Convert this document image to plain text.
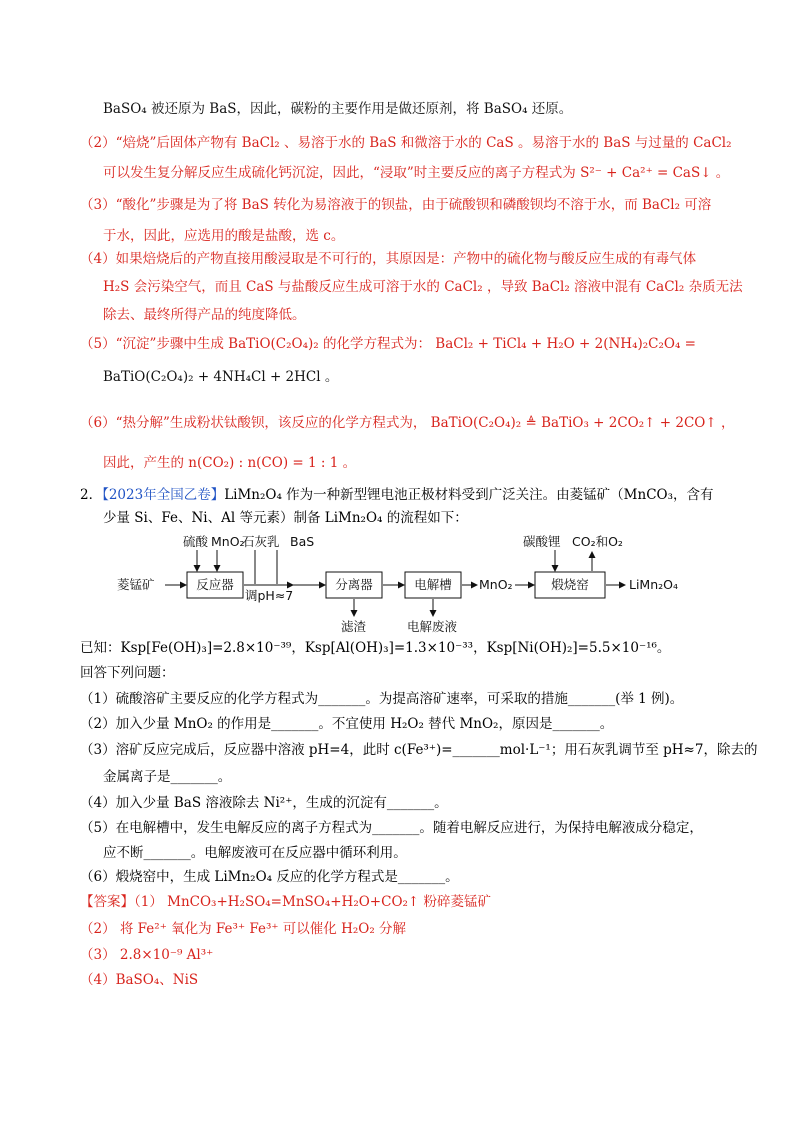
BaSO₄ 被还原为 BaS，因此，碳粉的主要作用是做还原剂，将 BaSO₄ 还原。
（2）“焙烧”后固体产物有 BaCl₂ 、易溶于水的 BaS 和微溶于水的 CaS 。易溶于水的 BaS 与过量的 CaCl₂
可以发生复分解反应生成硫化钙沉淀，因此，“浸取”时主要反应的离子方程式为 S²⁻ + Ca²⁺ = CaS↓ 。
（3）“酸化”步骤是为了将 BaS 转化为易溶液于的钡盐，由于硫酸钡和磷酸钡均不溶于水，而 BaCl₂ 可溶
于水，因此，应选用的酸是盐酸，选 c。
（4）如果焙烧后的产物直接用酸浸取是不可行的，其原因是：产物中的硫化物与酸反应生成的有毒气体
H₂S 会污染空气，而且 CaS 与盐酸反应生成可溶于水的 CaCl₂ ，导致 BaCl₂ 溶液中混有 CaCl₂ 杂质无法
除去、最终所得产品的纯度降低。
（5）“沉淀”步骤中生成 BaTiO(C₂O₄)₂ 的化学方程式为： BaCl₂ + TiCl₄ + H₂O + 2(NH₄)₂C₂O₄ =
BaTiO(C₂O₄)₂ + 4NH₄Cl + 2HCl 。
（6）“热分解”生成粉状钛酸钡，该反应的化学方程式为， BaTiO(C₂O₄)₂ ≜ BaTiO₃ + 2CO₂↑ + 2CO↑ ，
因此，产生的 n(CO₂) : n(CO) = 1 : 1 。
2．【2023年全国乙卷】LiMn₂O₄ 作为一种新型锂电池正极材料受到广泛关注。由菱锰矿（MnCO₃，含有
少量 Si、Fe、Ni、Al 等元素）制备 LiMn₂O₄ 的流程如下：
菱锰矿	反应器
硫酸 MnO₂
石灰乳 BaS
调pH≈7
分离器
滤渣
电解槽
电解废液
MnO₂	煅烧窑
碳酸锂 CO₂和O₂
LiMn₂O₄
已知：Ksp[Fe(OH)₃]=2.8×10⁻³⁹，Ksp[Al(OH)₃]=1.3×10⁻³³，Ksp[Ni(OH)₂]=5.5×10⁻¹⁶。
回答下列问题：
（1）硫酸溶矿主要反应的化学方程式为_______。为提高溶矿速率，可采取的措施_______(举 1 例)。
（2）加入少量 MnO₂ 的作用是_______。不宜使用 H₂O₂ 替代 MnO₂，原因是_______。
（3）溶矿反应完成后，反应器中溶液 pH=4，此时 c(Fe³⁺)=_______mol·L⁻¹；用石灰乳调节至 pH≈7，除去的
金属离子是_______。
（4）加入少量 BaS 溶液除去 Ni²⁺，生成的沉淀有_______。
（5）在电解槽中，发生电解反应的离子方程式为_______。随着电解反应进行，为保持电解液成分稳定，
应不断_______。电解废液可在反应器中循环利用。
（6）煅烧窑中，生成 LiMn₂O₄ 反应的化学方程式是_______。
【答案】（1） MnCO₃+H₂SO₄=MnSO₄+H₂O+CO₂↑ 粉碎菱锰矿
（2） 将 Fe²⁺ 氧化为 Fe³⁺ Fe³⁺ 可以催化 H₂O₂ 分解
（3） 2.8×10⁻⁹ Al³⁺
（4）BaSO₄、NiS
